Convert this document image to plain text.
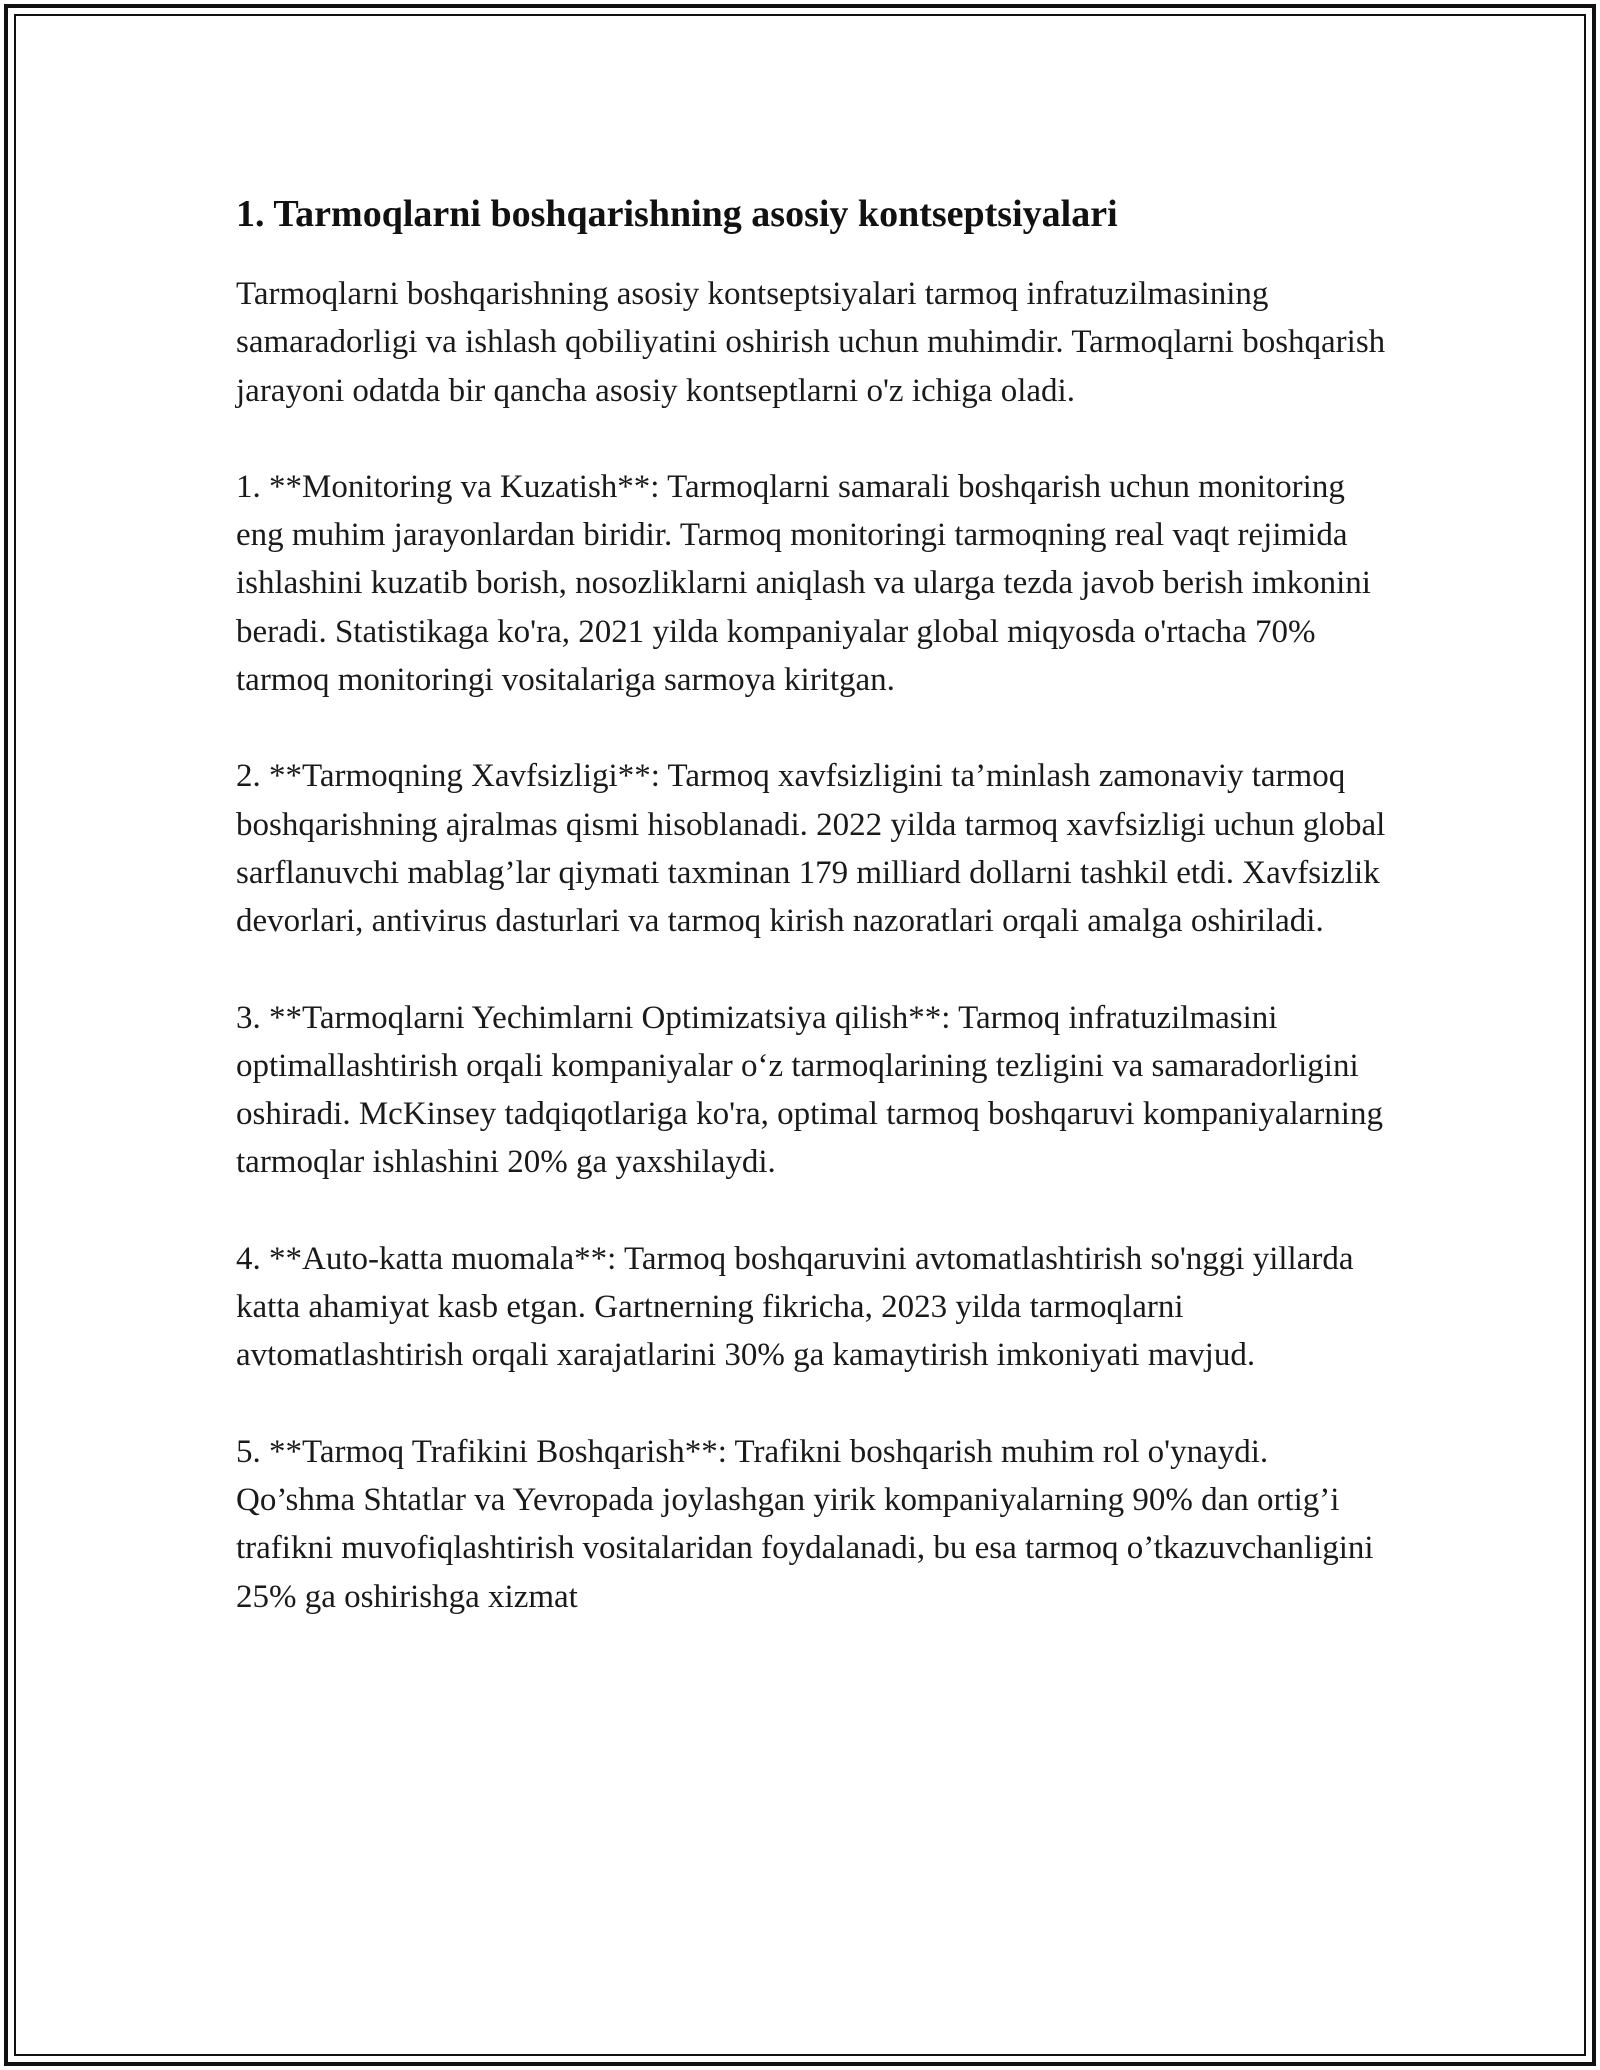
1. Tarmoqlarni boshqarishning asosiy kontseptsiyalari

Tarmoqlarni boshqarishning asosiy kontseptsiyalari tarmoq infratuzilmasining samaradorligi va ishlash qobiliyatini oshirish uchun muhimdir. Tarmoqlarni boshqarish jarayoni odatda bir qancha asosiy kontseptlarni o'z ichiga oladi.

1. **Monitoring va Kuzatish**: Tarmoqlarni samarali boshqarish uchun monitoring eng muhim jarayonlardan biridir. Tarmoq monitoringi tarmoqning real vaqt rejimida ishlashini kuzatib borish, nosozliklarni aniqlash va ularga tezda javob berish imkonini beradi. Statistikaga ko'ra, 2021 yilda kompaniyalar global miqyosda o'rtacha 70% tarmoq monitoringi vositalariga sarmoya kiritgan.

2. **Tarmoqning Xavfsizligi**: Tarmoq xavfsizligini ta’minlash zamonaviy tarmoq boshqarishning ajralmas qismi hisoblanadi. 2022 yilda tarmoq xavfsizligi uchun global sarflanuvchi mablag’lar qiymati taxminan 179 milliard dollarni tashkil etdi. Xavfsizlik devorlari, antivirus dasturlari va tarmoq kirish nazoratlari orqali amalga oshiriladi.

3. **Tarmoqlarni Yechimlarni Optimizatsiya qilish**: Tarmoq infratuzilmasini optimallashtirish orqali kompaniyalar o‘z tarmoqlarining tezligini va samaradorligini oshiradi. McKinsey tadqiqotlariga ko'ra, optimal tarmoq boshqaruvi kompaniyalarning tarmoqlar ishlashini 20% ga yaxshilaydi.

4. **Auto-katta muomala**: Tarmoq boshqaruvini avtomatlashtirish so'nggi yillarda katta ahamiyat kasb etgan. Gartnerning fikricha, 2023 yilda tarmoqlarni avtomatlashtirish orqali xarajatlarini 30% ga kamaytirish imkoniyati mavjud.

5. **Tarmoq Trafikini Boshqarish**: Trafikni boshqarish muhim rol o'ynaydi. Qo’shma Shtatlar va Yevropada joylashgan yirik kompaniyalarning 90% dan ortig’i trafikni muvofiqlashtirish vositalaridan foydalanadi, bu esa tarmoq o’tkazuvchanligini 25% ga oshirishga xizmat
